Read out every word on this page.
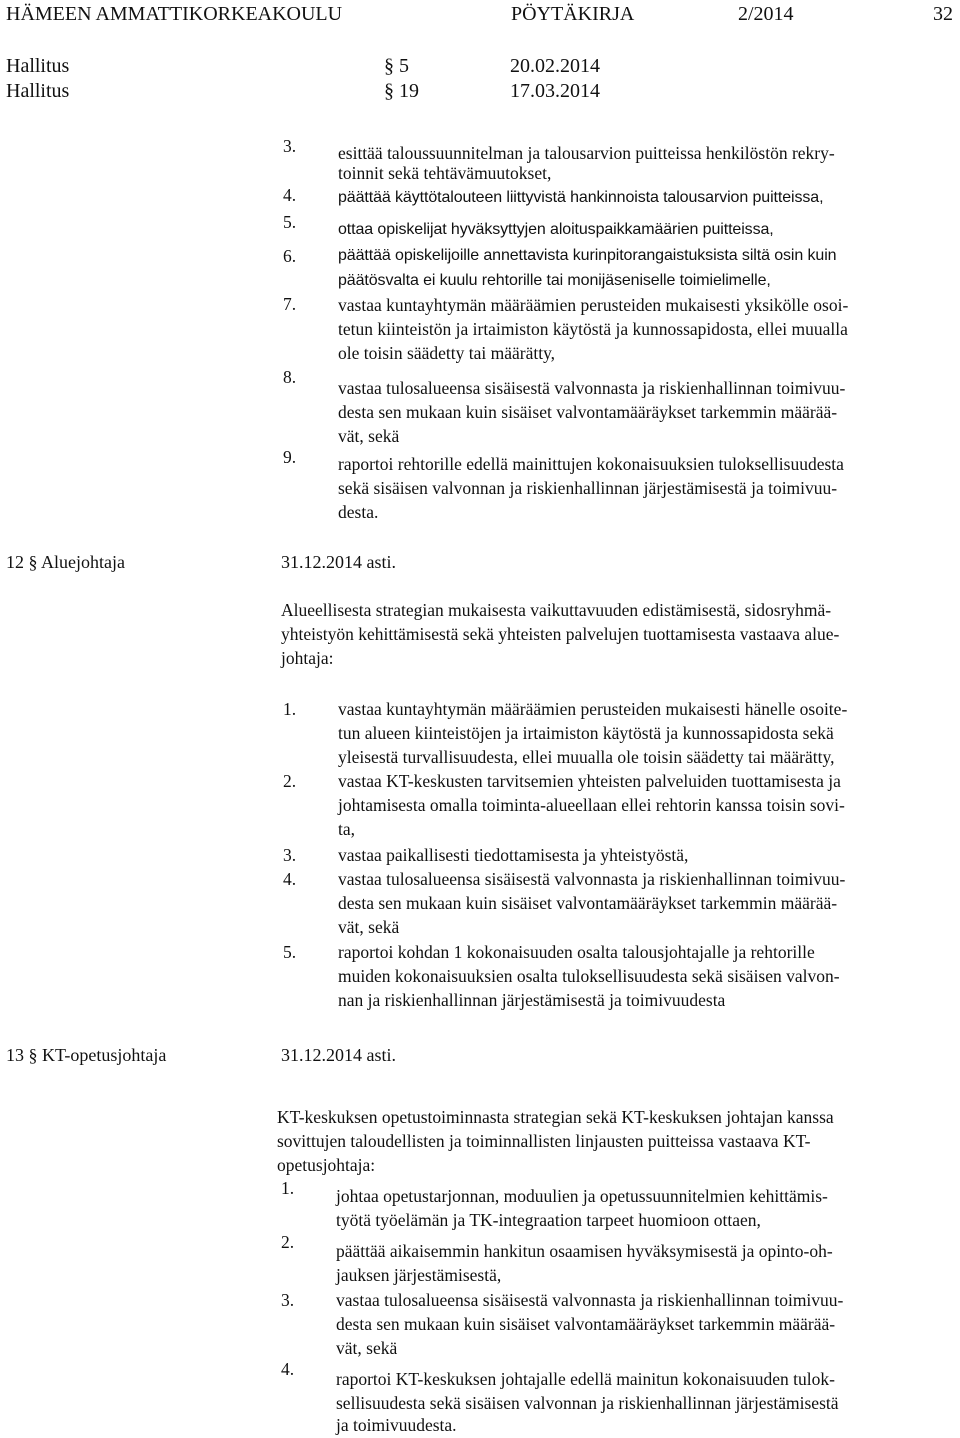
HÄMEEN AMMATTIKORKEAKOULU	PÖYTÄKIRJA	2/2014	32
Hallitus	§ 5	20.02.2014
Hallitus	§ 19	17.03.2014
3. esittää taloussuunnitelman ja talousarvion puitteissa henkilöstön rekry-
toinnit sekä tehtävämuutokset,
4.	päättää käyttötalouteen liittyvistä hankinnoista talousarvion puitteissa,
5.	ottaa opiskelijat hyväksyttyjen aloituspaikkamäärien puitteissa,
6.	päättää opiskelijoille annettavista kurinpitorangaistuksista siltä osin kuin
päätösvalta ei kuulu rehtorille tai monijäseniselle toimielimelle,
7. vastaa kuntayhtymän määräämien perusteiden mukaisesti yksikölle osoi-
tetun kiinteistön ja irtaimiston käytöstä ja kunnossapidosta, ellei muualla
ole toisin säädetty tai määrätty,
8.
vastaa tulosalueensa sisäisestä valvonnasta ja riskienhallinnan toimivuu-
desta sen mukaan kuin sisäiset valvontamääräykset tarkemmin määrää-
vät, sekä
9. raportoi rehtorille edellä mainittujen kokonaisuuksien tuloksellisuudesta
sekä sisäisen valvonnan ja riskienhallinnan järjestämisestä ja toimivuu-
desta.
12 § Aluejohtaja	31.12.2014 asti.
Alueellisesta strategian mukaisesta vaikuttavuuden edistämisestä, sidosryhmä-
yhteistyön kehittämisestä sekä yhteisten palvelujen tuottamisesta vastaava alue-
johtaja:
1. vastaa kuntayhtymän määräämien perusteiden mukaisesti hänelle osoite-
tun alueen kiinteistöjen ja irtaimiston käytöstä ja kunnossapidosta sekä
yleisestä turvallisuudesta, ellei muualla ole toisin säädetty tai määrätty,
2. vastaa KT-keskusten tarvitsemien yhteisten palveluiden tuottamisesta ja
johtamisesta omalla toiminta-alueellaan ellei rehtorin kanssa toisin sovi-
ta,
3. vastaa paikallisesti tiedottamisesta ja yhteistyöstä,
4. vastaa tulosalueensa sisäisestä valvonnasta ja riskienhallinnan toimivuu-
desta sen mukaan kuin sisäiset valvontamääräykset tarkemmin määrää-
vät, sekä
5. raportoi kohdan 1 kokonaisuuden osalta talousjohtajalle ja rehtorille
muiden kokonaisuuksien osalta tuloksellisuudesta sekä sisäisen valvon-
nan ja riskienhallinnan järjestämisestä ja toimivuudesta
13 § KT-opetusjohtaja	31.12.2014 asti.
KT-keskuksen opetustoiminnasta strategian sekä KT-keskuksen johtajan kanssa
sovittujen taloudellisten ja toiminnallisten linjausten puitteissa vastaava KT-
opetusjohtaja:
1. johtaa opetustarjonnan, moduulien ja opetussuunnitelmien kehittämis-
työtä työelämän ja TK-integraation tarpeet huomioon ottaen,
2. päättää aikaisemmin hankitun osaamisen hyväksymisestä ja opinto-oh-
jauksen järjestämisestä,
3. vastaa tulosalueensa sisäisestä valvonnasta ja riskienhallinnan toimivuu-
desta sen mukaan kuin sisäiset valvontamääräykset tarkemmin määrää-
vät, sekä
4. raportoi KT-keskuksen johtajalle edellä mainitun kokonaisuuden tulok-
sellisuudesta sekä sisäisen valvonnan ja riskienhallinnan järjestämisestä
ja toimivuudesta.
